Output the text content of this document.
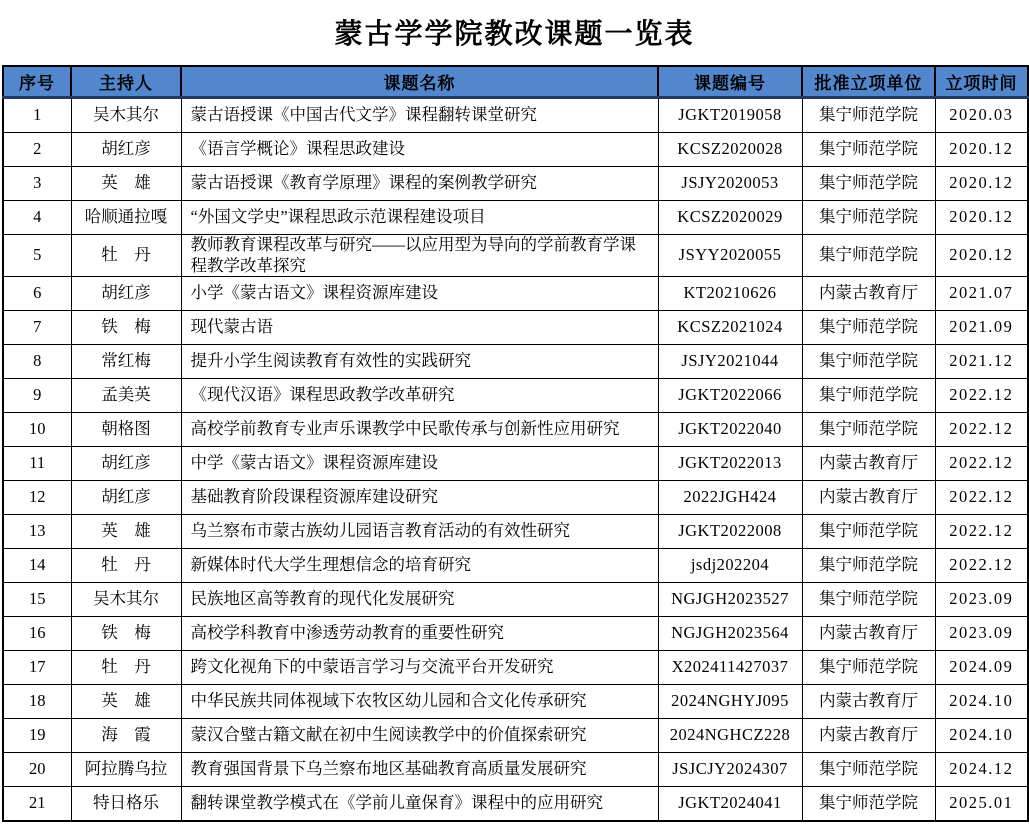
蒙古学学院教改课题一览表
序号	主持人	课题名称	课题编号	批准立项单位	立项时间
1	吴木其尔	蒙古语授课《中国古代文学》课程翻转课堂研究	JGKT2019058	集宁师范学院	2020.03
2	胡红彦	《语言学概论》课程思政建设	KCSZ2020028	集宁师范学院	2020.12
3	英　雄	蒙古语授课《教育学原理》课程的案例教学研究	JSJY2020053	集宁师范学院	2020.12
4	哈顺通拉嘎	“外国文学史”课程思政示范课程建设项目	KCSZ2020029	集宁师范学院	2020.12
5	牡　丹	教师教育课程改革与研究——以应用型为导向的学前教育学课程教学改革探究	JSYY2020055	集宁师范学院	2020.12
6	胡红彦	小学《蒙古语文》课程资源库建设	KT20210626	内蒙古教育厅	2021.07
7	铁　梅	现代蒙古语	KCSZ2021024	集宁师范学院	2021.09
8	常红梅	提升小学生阅读教育有效性的实践研究	JSJY2021044	集宁师范学院	2021.12
9	孟美英	《现代汉语》课程思政教学改革研究	JGKT2022066	集宁师范学院	2022.12
10	朝格图	高校学前教育专业声乐课教学中民歌传承与创新性应用研究	JGKT2022040	集宁师范学院	2022.12
11	胡红彦	中学《蒙古语文》课程资源库建设	JGKT2022013	内蒙古教育厅	2022.12
12	胡红彦	基础教育阶段课程资源库建设研究	2022JGH424	内蒙古教育厅	2022.12
13	英　雄	乌兰察布市蒙古族幼儿园语言教育活动的有效性研究	JGKT2022008	集宁师范学院	2022.12
14	牡　丹	新媒体时代大学生理想信念的培育研究	jsdj202204	集宁师范学院	2022.12
15	吴木其尔	民族地区高等教育的现代化发展研究	NGJGH2023527	集宁师范学院	2023.09
16	铁　梅	高校学科教育中渗透劳动教育的重要性研究	NGJGH2023564	内蒙古教育厅	2023.09
17	牡　丹	跨文化视角下的中蒙语言学习与交流平台开发研究	X202411427037	集宁师范学院	2024.09
18	英　雄	中华民族共同体视域下农牧区幼儿园和合文化传承研究	2024NGHYJ095	内蒙古教育厅	2024.10
19	海　霞	蒙汉合璧古籍文献在初中生阅读教学中的价值探索研究	2024NGHCZ228	内蒙古教育厅	2024.10
20	阿拉腾乌拉	教育强国背景下乌兰察布地区基础教育高质量发展研究	JSJCJY2024307	集宁师范学院	2024.12
21	特日格乐	翻转课堂教学模式在《学前儿童保育》课程中的应用研究	JGKT2024041	集宁师范学院	2025.01
